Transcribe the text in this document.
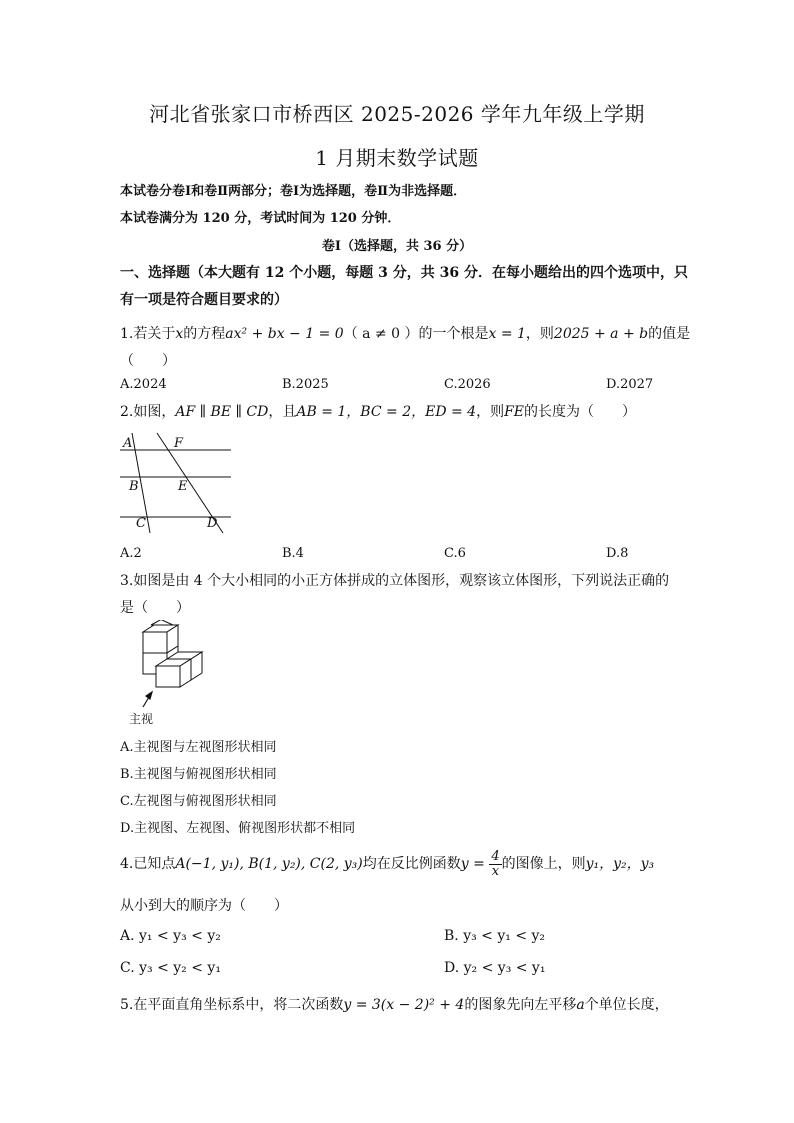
河北省张家口市桥西区 2025-2026 学年九年级上学期
1 月期末数学试题
本试卷分卷Ⅰ和卷Ⅱ两部分；卷Ⅰ为选择题，卷Ⅱ为非选择题．
本试卷满分为 120 分，考试时间为 120 分钟．
卷Ⅰ（选择题，共 36 分）
一、选择题（本大题有 12 个小题，每题 3 分，共 36 分．在每小题给出的四个选项中，只
有一项是符合题目要求的）
1.若关于x的方程ax² + bx − 1 = 0（ a ≠ 0 ）的一个根是x = 1，则2025 + a + b的值是
（　　）
A.2024	B.2025	C.2026	D.2027
2.如图，AF ∥ BE ∥ CD，且AB = 1，BC = 2，ED = 4，则FE的长度为（　　）
A	F
B	E
C	D
A.2	B.4	C.6	D.8
3.如图是由 4 个大小相同的小正方体拼成的立体图形，观察该立体图形，下列说法正确的
是（　　）
主视
A.主视图与左视图形状相同
B.主视图与俯视图形状相同
C.左视图与俯视图形状相同
D.主视图、左视图、俯视图形状都不相同
4.已知点A(−1, y₁), B(1, y₂), C(2, y₃)均在反比例函数$y = \frac{4}{x}$ 的图像上，则y₁，y₂，y₃
从小到大的顺序为（　　）
A. y₁ < y₃ < y₂	B. y₃ < y₁ < y₂
C. y₃ < y₂ < y₁	D. y₂ < y₃ < y₁
5.在平面直角坐标系中，将二次函数y = 3(x − 2)² + 4的图象先向左平移a个单位长度，
